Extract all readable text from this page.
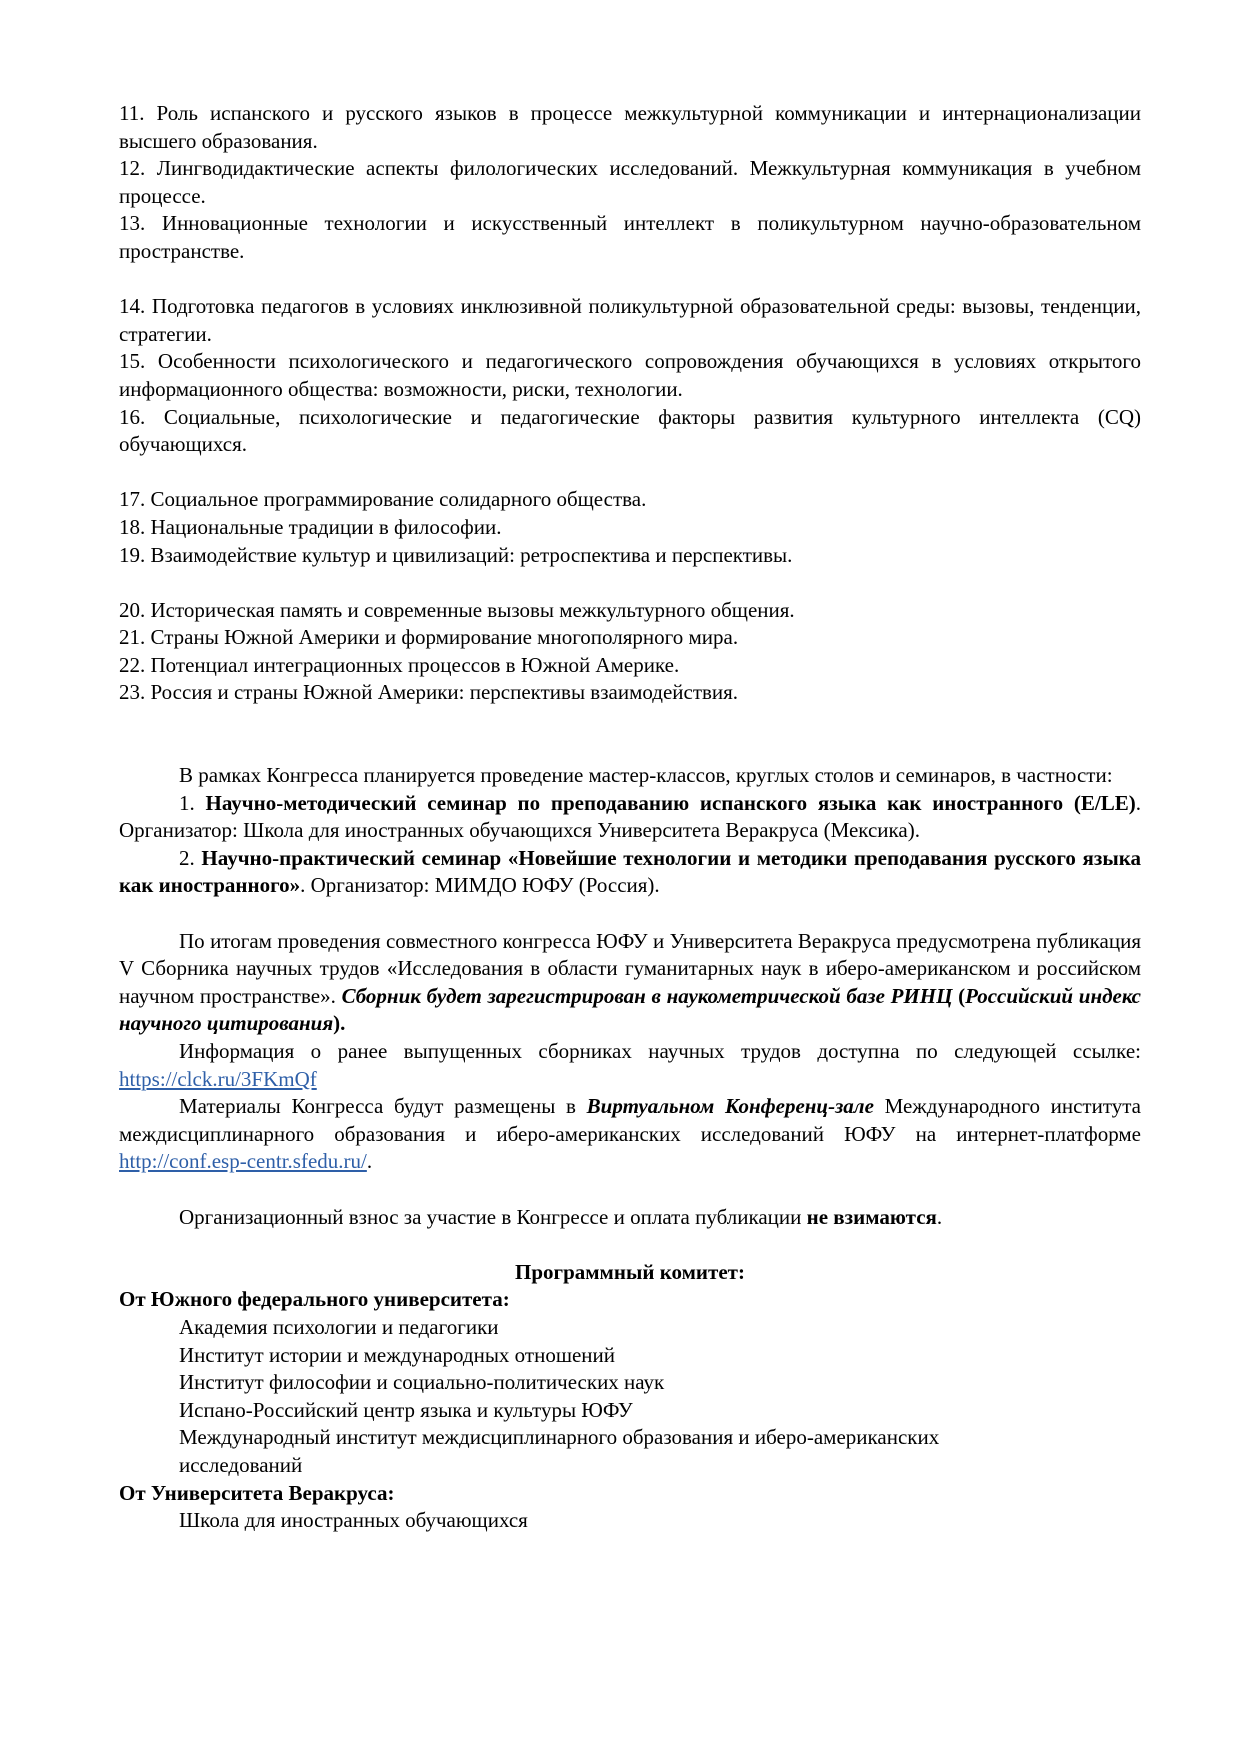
11. Роль испанского и русского языков в процессе межкультурной коммуникации и интернационализации высшего образования.

12. Лингводидактические аспекты филологических исследований. Межкультурная коммуникация в учебном процессе.

13. Инновационные технологии и искусственный интеллект в поликультурном научно-образовательном пространстве.

14. Подготовка педагогов в условиях инклюзивной поликультурной образовательной среды: вызовы, тенденции, стратегии.

15. Особенности психологического и педагогического сопровождения обучающихся в условиях открытого информационного общества: возможности, риски, технологии.

16. Социальные, психологические и педагогические факторы развития культурного интеллекта (CQ) обучающихся.

17. Социальное программирование солидарного общества.

18. Национальные традиции в философии.

19. Взаимодействие культур и цивилизаций: ретроспектива и перспективы.

20. Историческая память и современные вызовы межкультурного общения.

21. Страны Южной Америки и формирование многополярного мира.

22. Потенциал интеграционных процессов в Южной Америке.

23. Россия и страны Южной Америки: перспективы взаимодействия.

В рамках Конгресса планируется проведение мастер-классов, круглых столов и семинаров, в частности:

1. Научно-методический семинар по преподаванию испанского языка как иностранного (E/LE). Организатор: Школа для иностранных обучающихся Университета Веракруса (Мексика).

2. Научно-практический семинар «Новейшие технологии и методики преподавания русского языка как иностранного». Организатор: МИМДО ЮФУ (Россия).

По итогам проведения совместного конгресса ЮФУ и Университета Веракруса предусмотрена публикация V Сборника научных трудов «Исследования в области гуманитарных наук в иберо-американском и российском научном пространстве». Сборник будет зарегистрирован в наукометрической базе РИНЦ (Российский индекс научного цитирования).

Информация о ранее выпущенных сборниках научных трудов доступна по следующей ссылке: https://clck.ru/3FKmQf

Материалы Конгресса будут размещены в Виртуальном Конференц-зале Международного института междисциплинарного образования и иберо-американских исследований ЮФУ на интернет-платформе http://conf.esp-centr.sfedu.ru/.

Организационный взнос за участие в Конгрессе и оплата публикации не взимаются.

Программный комитет:

От Южного федерального университета:

Академия психологии и педагогики

Институт истории и международных отношений

Институт философии и социально-политических наук

Испано-Российский центр языка и культуры ЮФУ

Международный институт междисциплинарного образования и иберо-американских исследований

От Университета Веракруса:

Школа для иностранных обучающихся
